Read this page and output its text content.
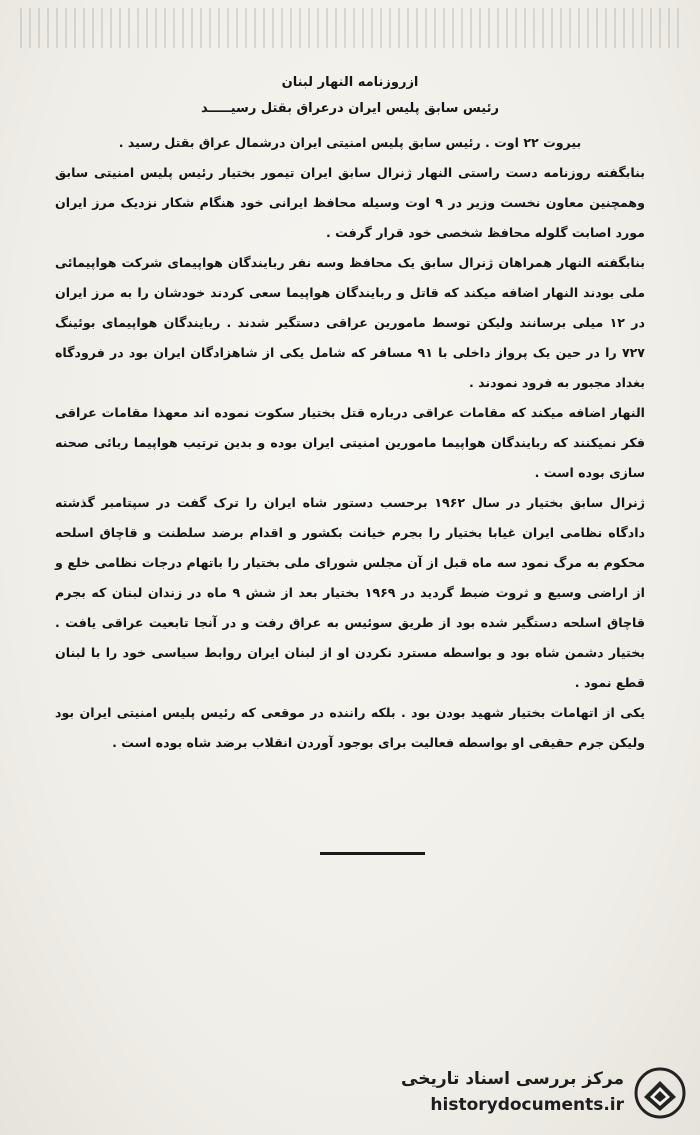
ازروزنامه النهار لبنان

رئیس سابق پلیس ایران درعراق بقتل رسیـــــد

بیروت ۲۲ اوت . رئیس سابق پلیس امنیتی ایران درشمال عراق بقتل رسید .

بنابگفته روزنامه دست راستی النهار ژنرال سابق ایران تیمور بختیار رئیس پلیس امنیتی سابق وهمچنین معاون نخست وزیر در ۹ اوت وسیله محافظ ایرانی خود هنگام شکار نزدیک مرز ایران مورد اصابت گلوله محافظ شخصی خود قرار گرفت .

بنابگفته النهار همراهان ژنرال سابق یک محافظ وسه نفر ربایندگان هواپیمای شرکت هواپیمائی ملی بودند النهار اضافه میکند که قاتل و ربایندگان هواپیما سعی کردند خودشان را به مرز ایران در ۱۲ میلی برسانند ولیکن توسط مامورین عراقی دستگیر شدند . ربایندگان هواپیمای بوئینگ ۷۲۷ را در حین یک پرواز داخلی با ۹۱ مسافر که شامل یکی از شاهزادگان ایران بود در فرودگاه بغداد مجبور به فرود نمودند .

النهار اضافه میکند که مقامات عراقی درباره قتل بختیار سکوت نموده اند معهذا مقامات عراقی فکر نمیکنند که ربایندگان هواپیما مامورین امنیتی ایران بوده و بدین ترتیب هواپیما ربائی صحنه سازی بوده است .

ژنرال سابق بختیار در سال ۱۹۶۲ برحسب دستور شاه ایران را ترک گفت در سپتامبر گذشته دادگاه نظامی ایران غیابا بختیار را بجرم خیانت بکشور و اقدام برضد سلطنت و قاچاق اسلحه محکوم به مرگ نمود سه ماه قبل از آن مجلس شورای ملی بختیار را باتهام درجات نظامی خلع و از اراضی وسیع و ثروت ضبط گردید در ۱۹۶۹ بختیار بعد از شش ۹ ماه در زندان لبنان که بجرم قاچاق اسلحه دستگیر شده بود از طریق سوئیس به عراق رفت و در آنجا تابعیت عراقی یافت . بختیار دشمن شاه بود و بواسطه مسترد نکردن او از لبنان ایران روابط سیاسی خود را با لبنان قطع نمود .

یکی از اتهامات بختیار شهید بودن بود . بلکه راننده در موقعی که رئیس پلیس امنیتی ایران بود ولیکن جرم حقیقی او بواسطه فعالیت برای بوجود آوردن انقلاب برضد شاه بوده است .

مرکز بررسی اسناد تاریخی
historydocuments.ir
